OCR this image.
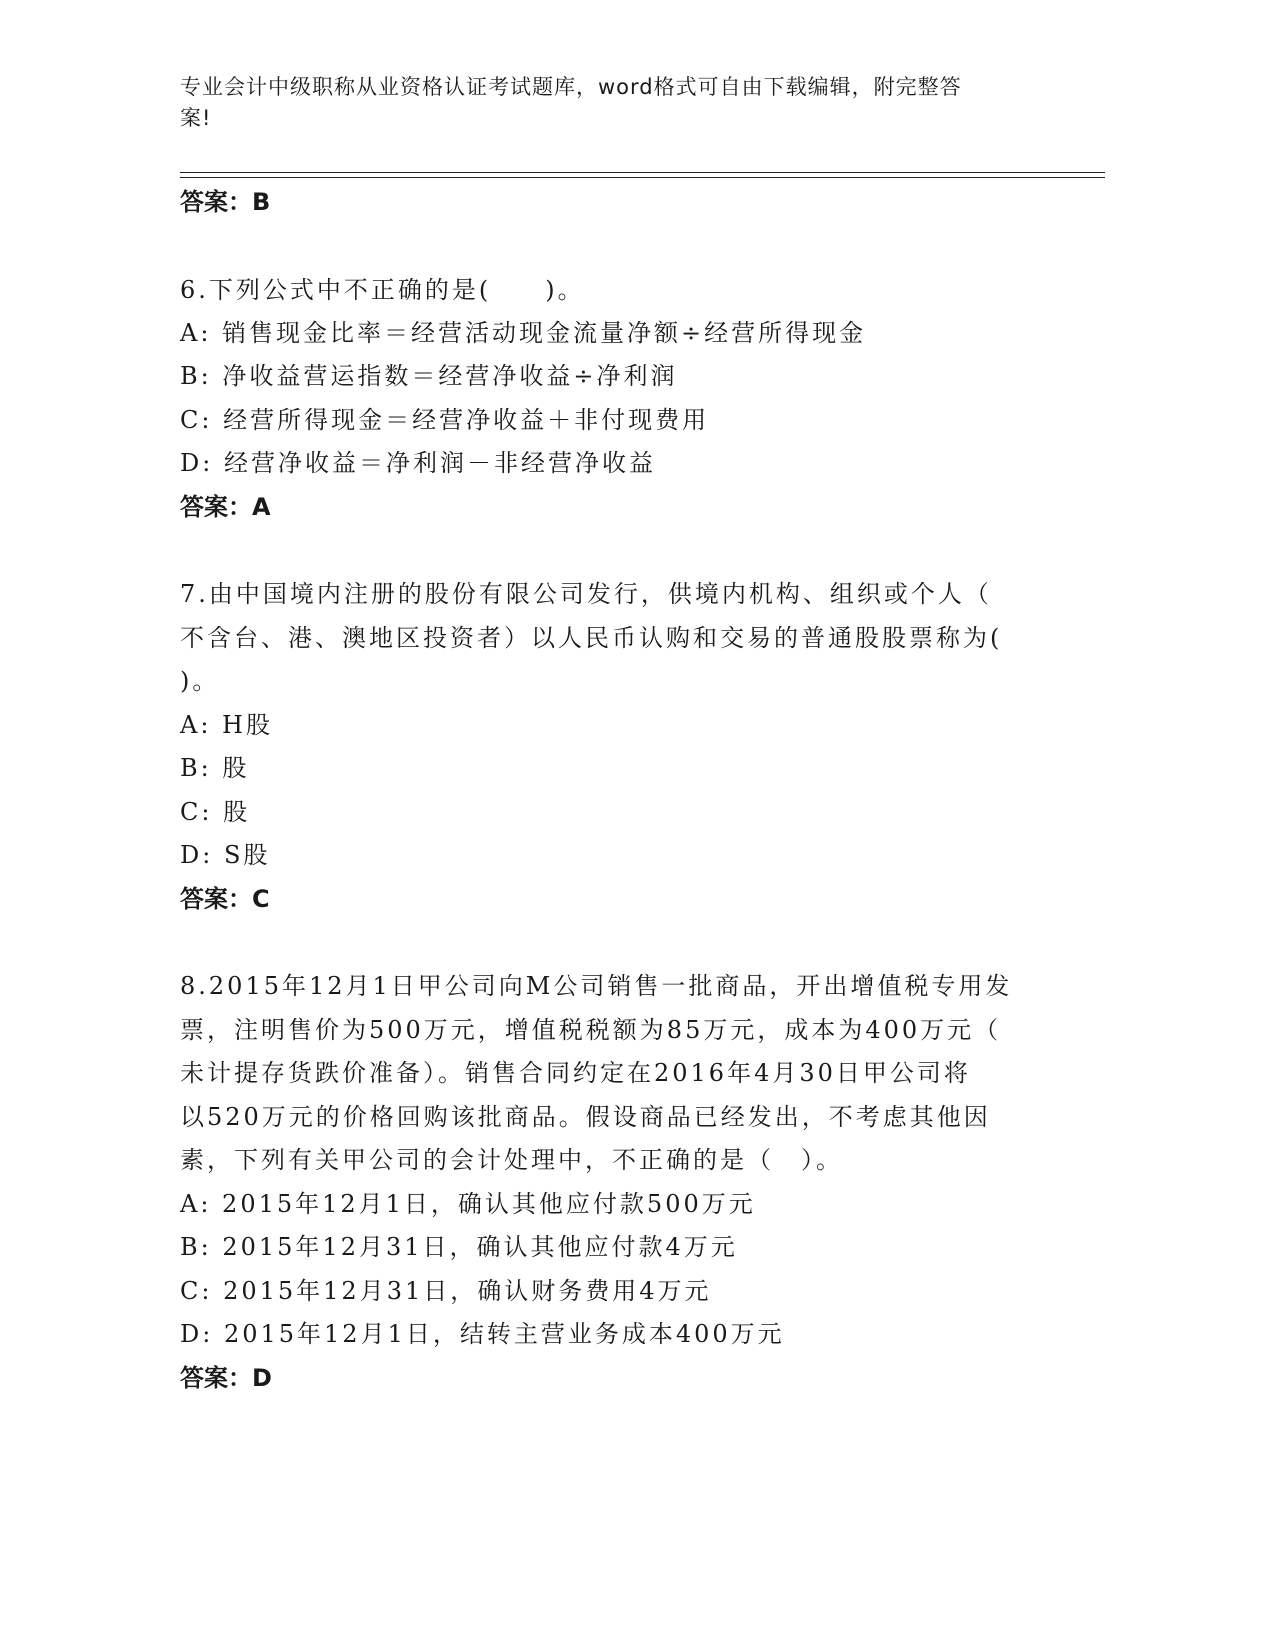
专业会计中级职称从业资格认证考试题库，word格式可自由下载编辑，附完整答
案!
答案：B
6.下列公式中不正确的是(　　)。
A: 销售现金比率＝经营活动现金流量净额÷经营所得现金
B: 净收益营运指数＝经营净收益÷净利润
C: 经营所得现金＝经营净收益＋非付现费用
D: 经营净收益＝净利润－非经营净收益
答案：A
7.由中国境内注册的股份有限公司发行，供境内机构、组织或个人（
不含台、港、澳地区投资者）以人民币认购和交易的普通股股票称为(
)。
A: H股
B: 股
C: 股
D: S股
答案：C
8.2015年12月1日甲公司向M公司销售一批商品，开出增值税专用发
票，注明售价为500万元，增值税税额为85万元，成本为400万元（
未计提存货跌价准备）。销售合同约定在2016年4月30日甲公司将
以520万元的价格回购该批商品。假设商品已经发出，不考虑其他因
素，下列有关甲公司的会计处理中，不正确的是（　）。
A: 2015年12月1日，确认其他应付款500万元
B: 2015年12月31日，确认其他应付款4万元
C: 2015年12月31日，确认财务费用4万元
D: 2015年12月1日，结转主营业务成本400万元
答案：D
